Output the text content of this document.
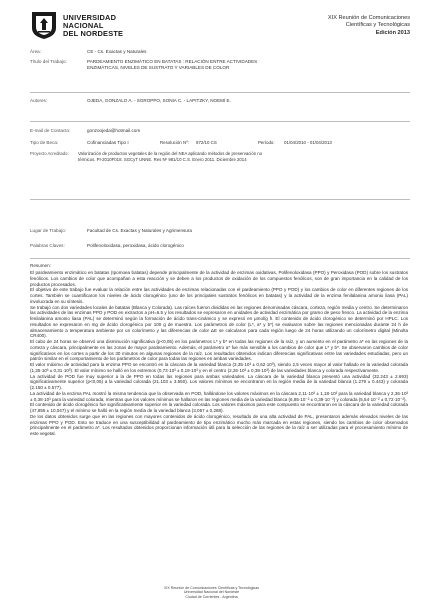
UNIVERSIDAD
NACIONAL
DEL NORDESTE
XIX Reunión de Comunicaciones
Científicas y Tecnológicas
Edición 2013
Área:	CE - Cs. Exactas y Naturales
Título del Trabajo:	PARDEAMIENTO ENZIMÁTICO EN BATATAS : RELACIÓN ENTRE ACTIVIDADES
ENZIMÁTICAS, NIVELES DE SUSTRATO Y VARIABLES DE COLOR
Autores:	OJEDA, GONZALO A. - SGROPPO, SONIA C. - LAPITZKY, NOEMÍ E.
E-mail de Contacto:	gonzoojeda@hotmail.com
Tipo de Beca:	Cofinanciadas Tipo I	Resolución Nº: 972/10 CS	Período: 01/04/2010 - 01/04/2013
Proyecto Acreditado: Valorización de productos vegetales de la región del NEA aplicando métodos de preservación no
térmicos. PI-2010F018. SGCyT UNNE. Res Nº 981/10 C.S. Enero 2011. Diciembre 2014
Lugar de Trabajo:	Facultad de Cs. Exactas y Naturales y Agrimensura
Palabras Claves:	Polifenoloxidasa, peroxidasa, ácido clorogénico
Resumen:

El pardeamiento enzimático en batatas (Ipomoea batatas) depende principalmente de la actividad de enzimas oxidativas, Polifenoloxidasa (PPO) y Peroxidasa (POD) sobre los sustratos fenólicos. Los cambios de color que acompañan a esta reacción y se deben a los productos de oxidación de los compuestos fenólicos, son de gran importancia en la calidad de los productos procesados.

El objetivo de este trabajo fue evaluar la relación entre las actividades de enzimas relacionadas con el pardeamiento (PPO y POD) y los cambios de color en diferentes regiones de los cortes. También se cuantificaron los niveles de ácido clorogénico (uno de los principales sustratos fenólicos en batatas) y la actividad de la enzima fenilalanina amonio liasa (PAL) involucrada en su síntesis.

Se trabajó con dos variedades locales de batatas (Blanca y Colorada). Las raíces fueron divididas en las regiones denominadas cáscara, corteza, región media y centro. Se determinaron las actividades de las enzimas PPO y POD en extractos a pH=6.5 y los resultados se expresaron en unidades de actividad enzimática por gramo de peso fresco. La actividad de la enzima fenilalanina amonio liasa (PAL) se determinó según la formación de ácido trans-cinámico y se expresó en μmol/g h. El contenido de ácido clorogénico se determinó por HPLC. Los resultados se expresaron en mg de ácido clorogénico por 100 g de muestra. Los parámetros de color (L*, a* y b*) se evaluaron sobre las regiones mencionadas durante 24 h de almacenamiento a temperatura ambiente por un colorímetro y las diferencias de color ΔE se calcularon para cada región luego de 24 horas utilizando un colorímetro digital (Minolta CR400).

El cabo de 24 horas se observó una disminución significativa (p<0,05) en los parámetros L* y b* en todas las regiones de la raíz, y un aumento en el parámetro a* en las regiones de la corteza y cáscara, principalmente en las zonas de mayor pardeamiento. Además, el parámetro a* fue más sensible a los cambios de color que L* y b*. Se observaron cambios de color significativos en los cortes a partir de los 30 minutos en algunas regiones de la raíz. Los resultados obtenidos indican diferencias significativas entre las variedades estudiadas, pero un patrón similar en el comportamiento de los parámetros de color para todas las regiones en ambas variedades.

El valor máximo de actividad para la enzima PPO se encontró en la cáscara de la variedad blanca (3,35·10³ ± 0,62·10³), siendo 2,5 veces mayor al valor hallado en la variedad colorada (1,35·10³ ± 0,31·10³). El valor mínimo se halló en los extremos (0,73·10³ ± 0,19·10³ y en el centro (2,26·10³ ± 0,38·10³) de las variedades blanca y colorada respectivamente.

La actividad de POD fue muy superior a la de PPO en todas las regiones para ambas variedades. La cáscara de la variedad blanca presentó una actividad (32.243 ± 2.693) significativamente superior (p<0,05) a la variedad colorada (21.103 ± 3.550). Los valores mínimos se encontraron en la región media de la variedad blanca (1.279 ± 0.443) y colorada (2.150 ± 0.577).

La actividad de la enzima PAL mostró la misma tendencia que la observada en POD, hallándose los valores máximos en la cáscara 2,11·10³ ± 1,18·10³ para la variedad blanca y 2,36·10³ ± 0,38·10³ para la variedad colorada, mientras que los valores mínimos se hallaron en las regiones media de la variedad blanca (6,85·10⁻² ± 0,39·10⁻²) y colorada (5,54·10⁻² ± 0,72·10⁻²).

El contenido de ácido clorogénico fue significativamente superior en la variedad colorada. Los valores máximos para este compuesto se encontraron en la cáscara de la variedad colorada (47,855 ± 10,047) y el mínimo se halló en la región media de la variedad blanca (3,057 ± 0,288).

De los datos obtenidos surge que en las regiones con mayores contenidos de ácido clorogénico, resultado de una alta actividad de PAL, presentaron además elevados niveles de las enzimas PPO y POD. Esto se traduce en una susceptibilidad al pardeamiento de tipo enzimático mucho más marcada en estas regiones, siendo los cambios de color observados principalmente en el parámetro a*. Los resultados obtenidos proporcionan información útil para la selección de las regiones de la raíz a ser utilizadas para el procesamiento mínimo de este vegetal.

XIX Reunión de Comunicaciones Científicas y Tecnológicas
Universidad Nacional del Nordeste
Ciudad de Corrientes - Argentina
